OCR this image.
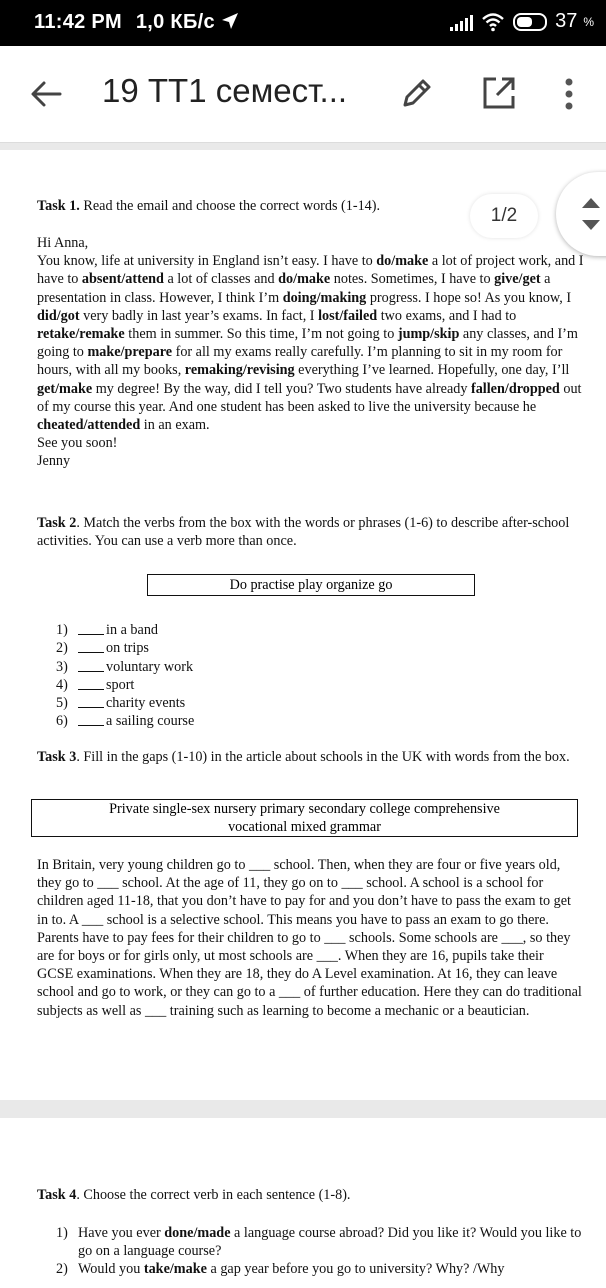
11:42 PM 1,0 КБ/с	37 %
19 ТТ1 семест...
Task 1. Read the email and choose the correct words (1-14).

Hi Anna,
You know, life at university in England isn’t easy. I have to do/make a lot of project work, and I have to absent/attend a lot of classes and do/make notes. Sometimes, I have to give/get a presentation in class. However, I think I’m doing/making progress. I hope so! As you know, I did/got very badly in last year’s exams. In fact, I lost/failed two exams, and I had to retake/remake them in summer. So this time, I’m not going to jump/skip any classes, and I’m going to make/prepare for all my exams really carefully. I’m planning to sit in my room for hours, with all my books, remaking/revising everything I’ve learned. Hopefully, one day, I’ll get/make my degree! By the way, did I tell you? Two students have already fallen/dropped out of my course this year. And one student has been asked to live the university because he cheated/attended in an exam.
See you soon!
Jenny

Task 2. Match the verbs from the box with the words or phrases (1-6) to describe after-school activities. You can use a verb more than once.
Do practise play organize go
1)	in a band
2)	on trips
3)	voluntary work
4)	sport
5)	charity events
6)	a sailing course
Task 3. Fill in the gaps (1-10) in the article about schools in the UK with words from the box.
Private single-sex nursery primary secondary college comprehensive
vocational mixed grammar
In Britain, very young children go to ___ school. Then, when they are four or five years old, they go to ___ school. At the age of 11, they go on to ___ school. A school is a school for children aged 11-18, that you don’t have to pay for and you don’t have to pass the exam to get in to. A ___ school is a selective school. This means you have to pass an exam to go there. Parents have to pay fees for their children to go to ___ schools. Some schools are ___, so they are for boys or for girls only, ut most schools are ___. When they are 16, pupils take their GCSE examinations. When they are 18, they do A Level examination. At 16, they can leave school and go to work, or they can go to a ___ of further education. Here they can do traditional subjects as well as ___ training such as learning to become a mechanic or a beautician.
Task 4. Choose the correct verb in each sentence (1-8).
1) Have you ever done/made a language course abroad? Did you like it? Would you like to go on a language course?
2) Would you take/make a gap year before you go to university? Why? /Why
1/2
